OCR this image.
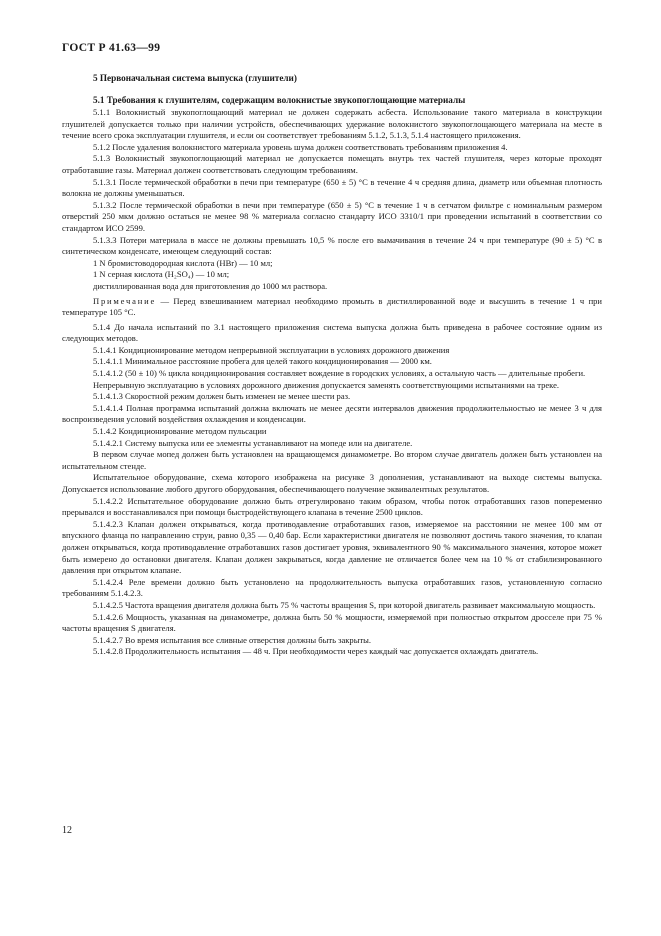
ГОСТ Р 41.63—99
5 Первоначальная система выпуска (глушители)
5.1 Требования к глушителям, содержащим волокнистые звукопоглощающие материалы

5.1.1 Волокнистый звукопоглощающий материал не должен содержать асбеста. Использование такого материала в конструкции глушителей допускается только при наличии устройств, обеспечивающих удержание волокнистого звукопоглощающего материала на месте в течение всего срока эксплуатации глушителя, и если он соответствует требованиям 5.1.2, 5.1.3, 5.1.4 настоящего приложения.

5.1.2 После удаления волокнистого материала уровень шума должен соответствовать требованиям приложения 4.

5.1.3 Волокнистый звукопоглощающий материал не допускается помещать внутрь тех частей глушителя, через которые проходят отработавшие газы. Материал должен соответствовать следующим требованиям.

5.1.3.1 После термической обработки в печи при температуре (650 ± 5) °С в течение 4 ч средняя длина, диаметр или объемная плотность волокна не должны уменьшаться.

5.1.3.2 После термической обработки в печи при температуре (650 ± 5) °С в течение 1 ч в сетчатом фильтре с номинальным размером отверстий 250 мкм должно остаться не менее 98 % материала согласно стандарту ИСО 3310/1 при проведении испытаний в соответствии со стандартом ИСО 2599.

5.1.3.3 Потери материала в массе не должны превышать 10,5 % после его вымачивания в течение 24 ч при температуре (90 ± 5) °С в синтетическом конденсате, имеющем следующий состав:

1 N бромистоводородная кислота (HBr) — 10 мл;
1 N серная кислота (H₂SO₄) — 10 мл;
дистиллированная вода для приготовления до 1000 мл раствора.

Примечание — Перед взвешиванием материал необходимо промыть в дистиллированной воде и высушить в течение 1 ч при температуре 105 °С.

5.1.4 До начала испытаний по 3.1 настоящего приложения система выпуска должна быть приведена в рабочее состояние одним из следующих методов.

5.1.4.1 Кондиционирование методом непрерывной эксплуатации в условиях дорожного движения

5.1.4.1.1 Минимальное расстояние пробега для целей такого кондиционирования — 2000 км.

5.1.4.1.2 (50 ± 10) % цикла кондиционирования составляет вождение в городских условиях, а остальную часть — длительные пробеги.

Непрерывную эксплуатацию в условиях дорожного движения допускается заменять соответствующими испытаниями на треке.

5.1.4.1.3 Скоростной режим должен быть изменен не менее шести раз.

5.1.4.1.4 Полная программа испытаний должна включать не менее десяти интервалов движения продолжительностью не менее 3 ч для воспроизведения условий воздействия охлаждения и конденсации.

5.1.4.2 Кондиционирование методом пульсации

5.1.4.2.1 Систему выпуска или ее элементы устанавливают на мопеде или на двигателе.

В первом случае мопед должен быть установлен на вращающемся динамометре. Во втором случае двигатель должен быть установлен на испытательном стенде.

Испытательное оборудование, схема которого изображена на рисунке 3 дополнения, устанавливают на выходе системы выпуска. Допускается использование любого другого оборудования, обеспечивающего получение эквивалентных результатов.

5.1.4.2.2 Испытательное оборудование должно быть отрегулировано таким образом, чтобы поток отработавших газов попеременно прерывался и восстанавливался при помощи быстродействующего клапана в течение 2500 циклов.

5.1.4.2.3 Клапан должен открываться, когда противодавление отработавших газов, измеряемое на расстоянии не менее 100 мм от впускного фланца по направлению струи, равно 0,35 — 0,40 бар. Если характеристики двигателя не позволяют достичь такого значения, то клапан должен открываться, когда противодавление отработавших газов достигает уровня, эквивалентного 90 % максимального значения, которое может быть измерено до остановки двигателя. Клапан должен закрываться, когда давление не отличается более чем на 10 % от стабилизированного давления при открытом клапане.

5.1.4.2.4 Реле времени должно быть установлено на продолжительность выпуска отработавших газов, установленную согласно требованиям 5.1.4.2.3.

5.1.4.2.5 Частота вращения двигателя должна быть 75 % частоты вращения S, при которой двигатель развивает максимальную мощность.

5.1.4.2.6 Мощность, указанная на динамометре, должна быть 50 % мощности, измеряемой при полностью открытом дросселе при 75 % частоты вращения S двигателя.

5.1.4.2.7 Во время испытания все сливные отверстия должны быть закрыты.

5.1.4.2.8 Продолжительность испытания — 48 ч. При необходимости через каждый час допускается охлаждать двигатель.

12
